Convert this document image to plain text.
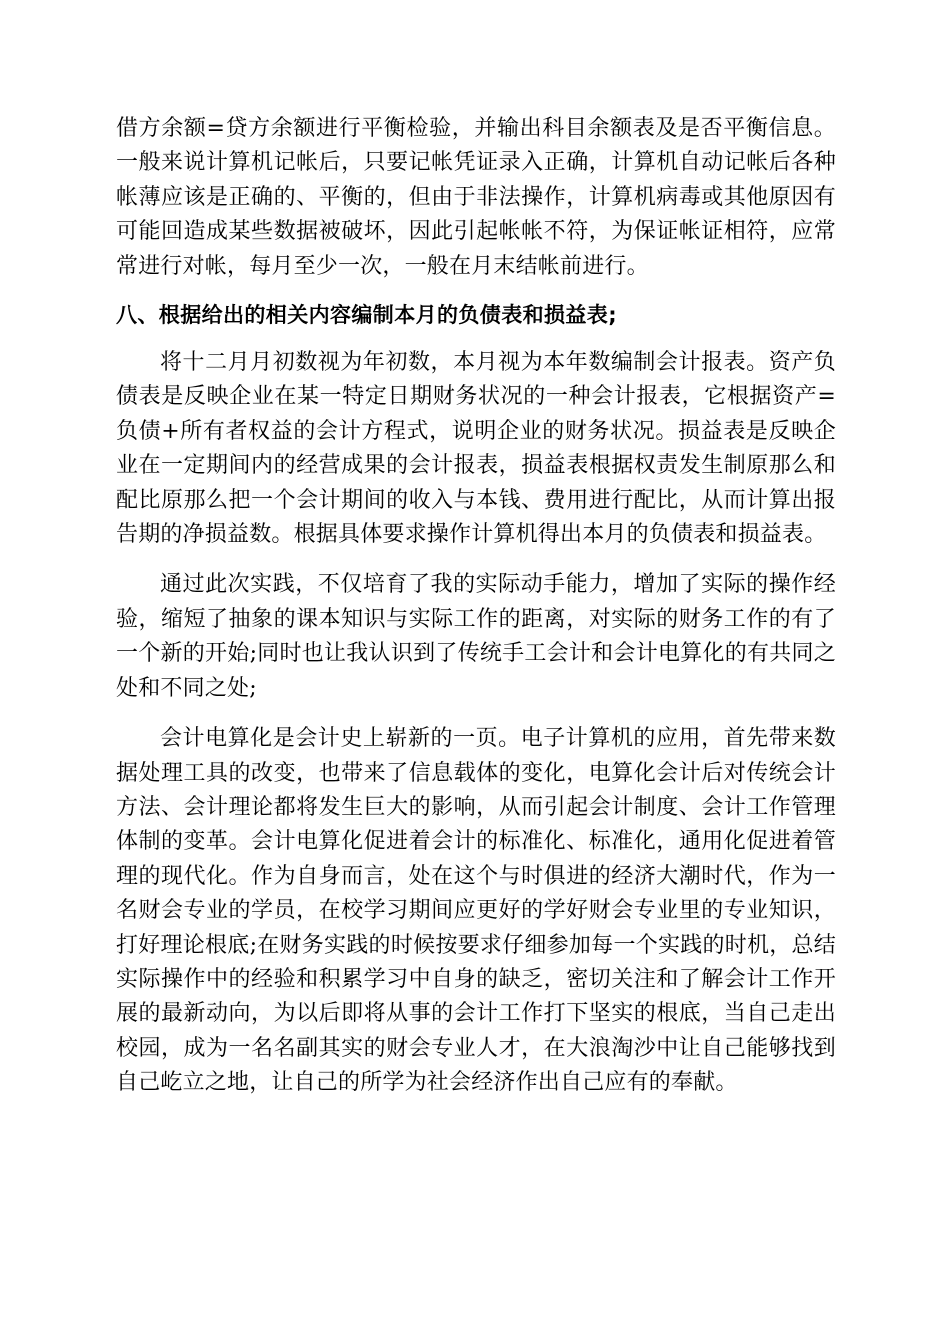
借方余额=贷方余额进行平衡检验，并输出科目余额表及是否平衡信息。一般来说计算机记帐后，只要记帐凭证录入正确，计算机自动记帐后各种帐薄应该是正确的、平衡的，但由于非法操作，计算机病毒或其他原因有可能回造成某些数据被破坏，因此引起帐帐不符，为保证帐证相符，应常常进行对帐，每月至少一次，一般在月末结帐前进行。

八、根据给出的相关内容编制本月的负债表和损益表;

将十二月月初数视为年初数，本月视为本年数编制会计报表。资产负债表是反映企业在某一特定日期财务状况的一种会计报表，它根据资产=负债+所有者权益的会计方程式，说明企业的财务状况。损益表是反映企业在一定期间内的经营成果的会计报表，损益表根据权责发生制原那么和配比原那么把一个会计期间的收入与本钱、费用进行配比，从而计算出报告期的净损益数。根据具体要求操作计算机得出本月的负债表和损益表。

通过此次实践，不仅培育了我的实际动手能力，增加了实际的操作经验，缩短了抽象的课本知识与实际工作的距离，对实际的财务工作的有了一个新的开始;同时也让我认识到了传统手工会计和会计电算化的有共同之处和不同之处;

会计电算化是会计史上崭新的一页。电子计算机的应用，首先带来数据处理工具的改变，也带来了信息载体的变化，电算化会计后对传统会计方法、会计理论都将发生巨大的影响，从而引起会计制度、会计工作管理体制的变革。会计电算化促进着会计的标准化、标准化，通用化促进着管理的现代化。作为自身而言，处在这个与时俱进的经济大潮时代，作为一名财会专业的学员，在校学习期间应更好的学好财会专业里的专业知识，打好理论根底;在财务实践的时候按要求仔细参加每一个实践的时机，总结实际操作中的经验和积累学习中自身的缺乏，密切关注和了解会计工作开展的最新动向，为以后即将从事的会计工作打下坚实的根底，当自己走出校园，成为一名名副其实的财会专业人才，在大浪淘沙中让自己能够找到自己屹立之地，让自己的所学为社会经济作出自己应有的奉献。
